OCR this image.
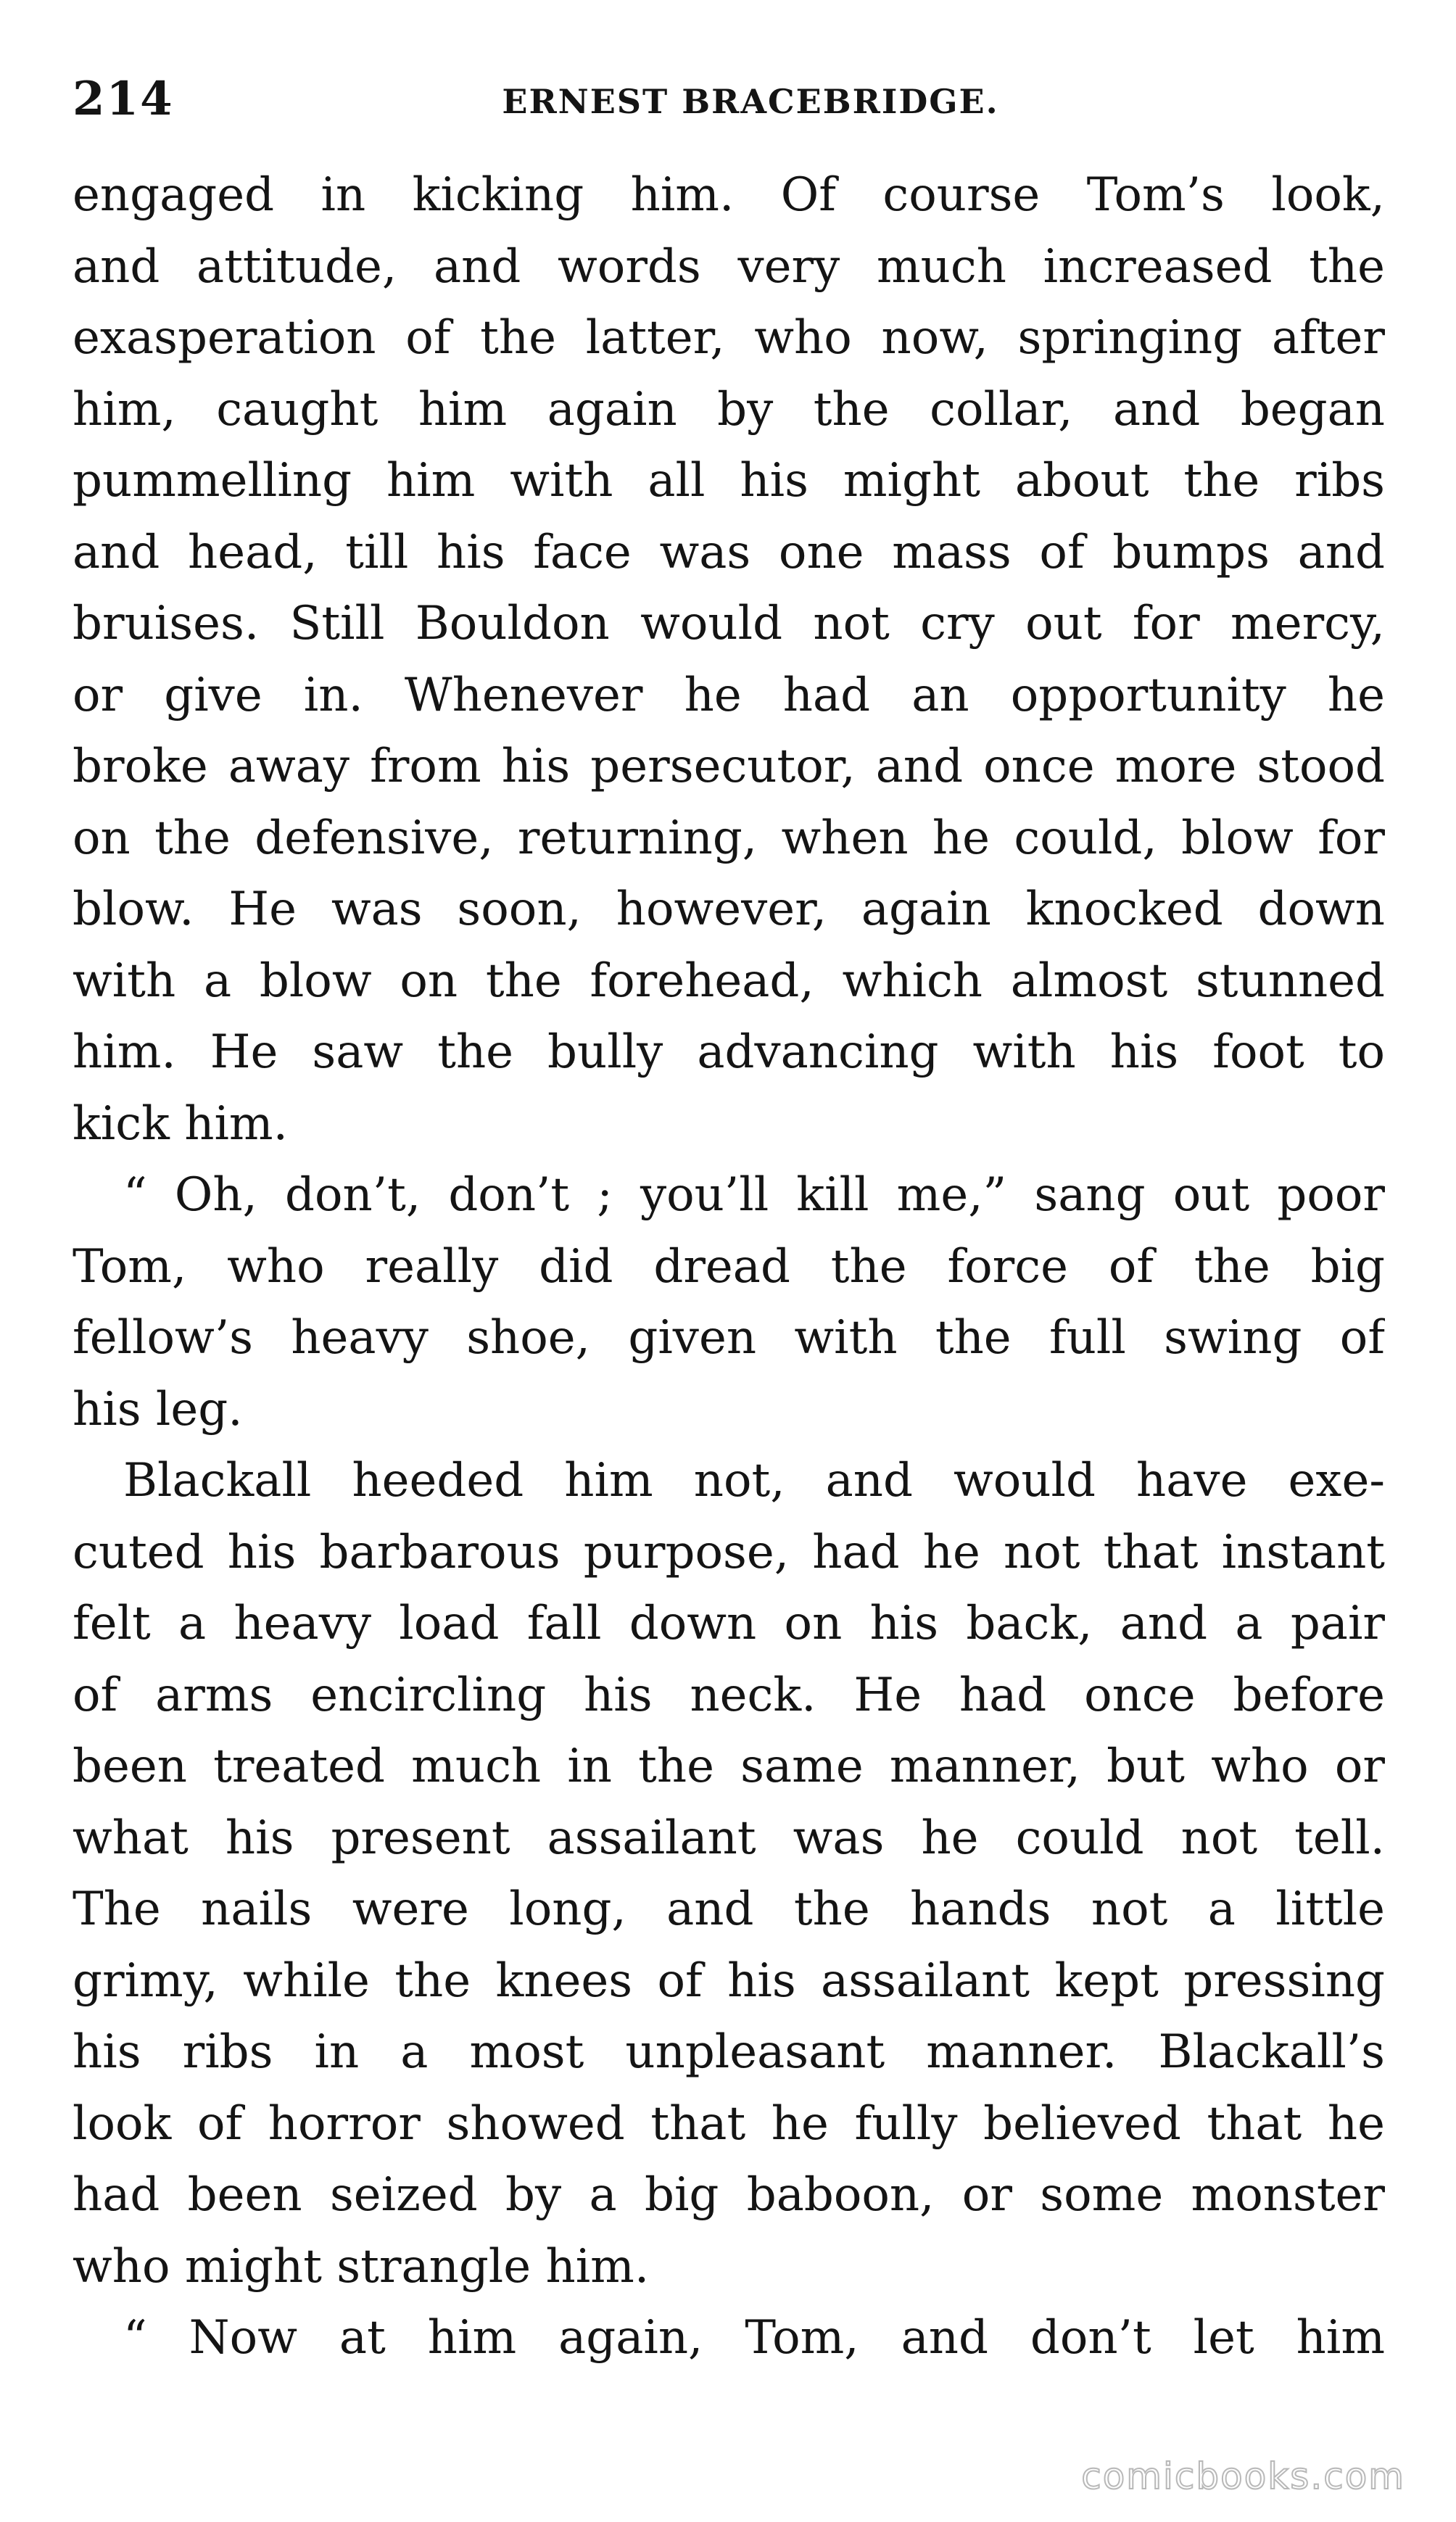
214	ERNEST BRACEBRIDGE.
engaged in kicking him. Of course Tom’s look,
and attitude, and words very much increased the
exasperation of the latter, who now, springing after
him, caught him again by the collar, and began
pummelling him with all his might about the ribs
and head, till his face was one mass of bumps and
bruises. Still Bouldon would not cry out for mercy,
or give in. Whenever he had an opportunity he
broke away from his persecutor, and once more stood
on the defensive, returning, when he could, blow for
blow. He was soon, however, again knocked down
with a blow on the forehead, which almost stunned
him. He saw the bully advancing with his foot to
kick him.
“ Oh, don’t, don’t ; you’ll kill me,” sang out poor
Tom, who really did dread the force of the big
fellow’s heavy shoe, given with the full swing of
his leg.
Blackall heeded him not, and would have exe-
cuted his barbarous purpose, had he not that instant
felt a heavy load fall down on his back, and a pair
of arms encircling his neck. He had once before
been treated much in the same manner, but who or
what his present assailant was he could not tell.
The nails were long, and the hands not a little
grimy, while the knees of his assailant kept pressing
his ribs in a most unpleasant manner. Blackall’s
look of horror showed that he fully believed that he
had been seized by a big baboon, or some monster
who might strangle him.
“ Now at him again, Tom, and don’t let him
comicbooks.com
